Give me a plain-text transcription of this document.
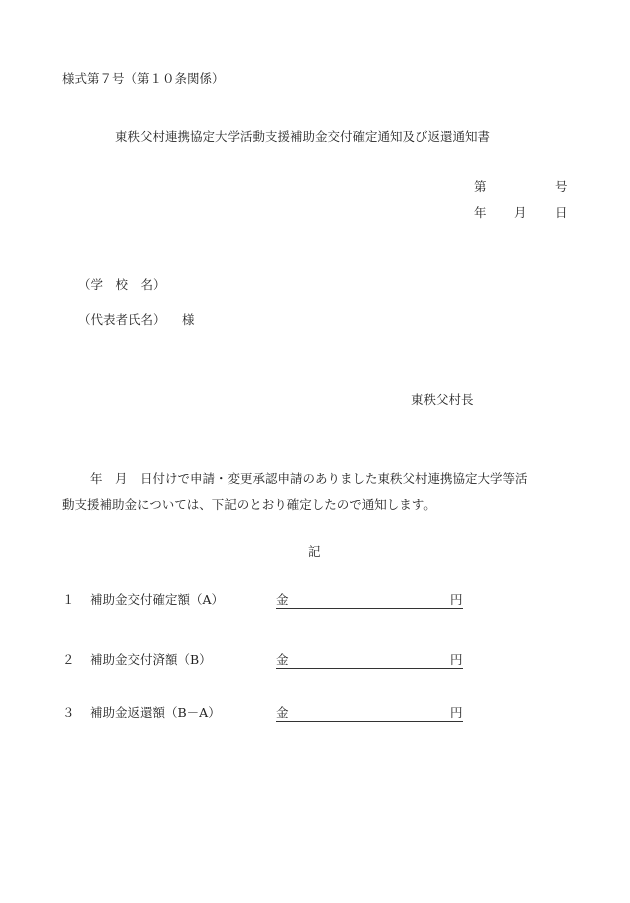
様式第７号（第１０条関係）
東秩父村連携協定大学活動支援補助金交付確定通知及び返還通知書
第	号
年 月 日
（学　校　名）
（代表者氏名） 様
東秩父村長
年　月　日付けで申請・変更承認申請のありました東秩父村連携協定大学等活
動支援補助金については、下記のとおり確定したので通知します。
記
１ 補助金交付確定額（A）	金	円
２ 補助金交付済額（B）	金	円
３ 補助金返還額（B－A）	金	円
